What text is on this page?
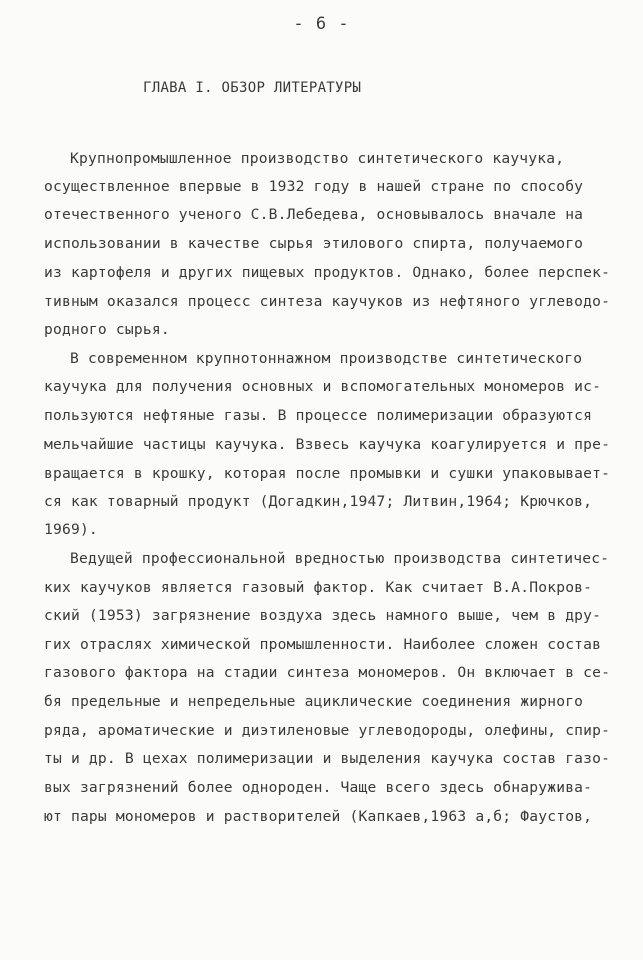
- 6 -
ГЛАВА I. ОБЗОР ЛИТЕРАТУРЫ
Крупнопромышленное производство синтетического каучука,
осуществленное впервые в 1932 году в нашей стране по способу
отечественного ученого С.В.Лебедева, основывалось вначале на
использовании в качестве сырья этилового спирта, получаемого
из картофеля и других пищевых продуктов. Однако, более перспек-
тивным оказался процесс синтеза каучуков из нефтяного углеводо-
родного сырья.
В современном крупнотоннажном производстве синтетического
каучука для получения основных и вспомогательных мономеров ис-
пользуются нефтяные газы. В процессе полимеризации образуются
мельчайшие частицы каучука. Взвесь каучука коагулируется и пре-
вращается в крошку, которая после промывки и сушки упаковывает-
ся как товарный продукт (Догадкин,1947; Литвин,1964; Крючков,
1969).
Ведущей профессиональной вредностью производства синтетичес-
ких каучуков является газовый фактор. Как считает В.А.Покров-
ский (1953) загрязнение воздуха здесь намного выше, чем в дру-
гих отраслях химической промышленности. Наиболее сложен состав
газового фактора на стадии синтеза мономеров. Он включает в се-
бя предельные и непредельные ациклические соединения жирного
ряда, ароматические и диэтиленовые углеводороды, олефины, спир-
ты и др. В цехах полимеризации и выделения каучука состав газо-
вых загрязнений более однороден. Чаще всего здесь обнаружива-
ют пары мономеров и растворителей (Капкаев,1963 а,б; Фаустов,
